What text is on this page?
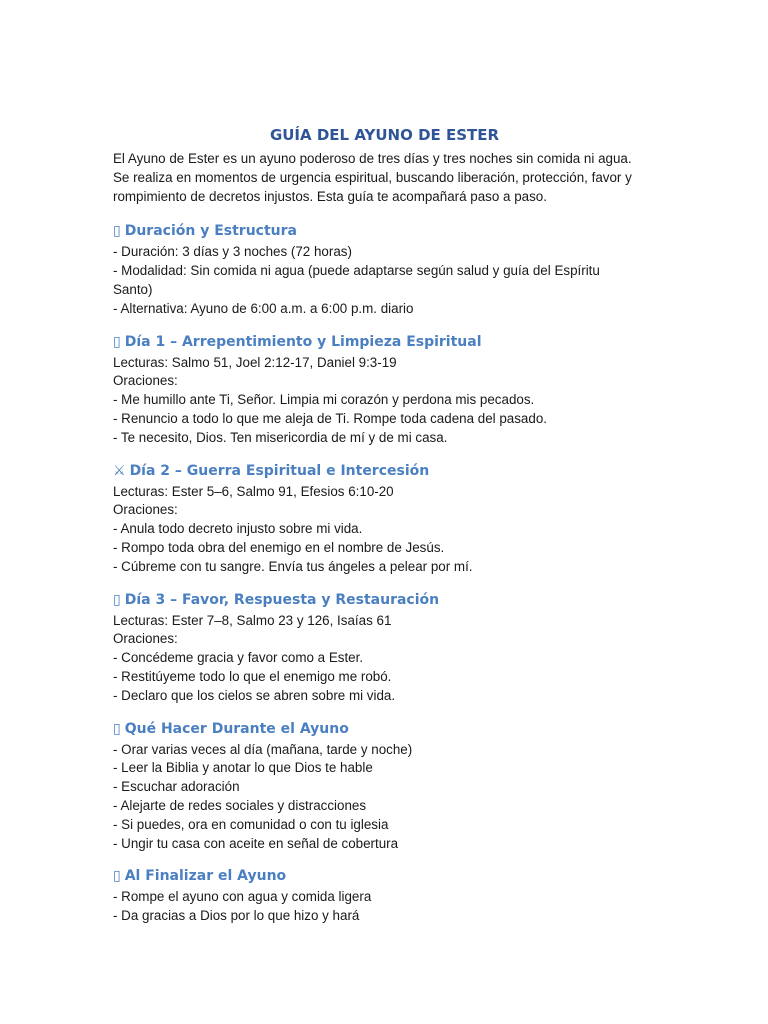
GUÍA DEL AYUNO DE ESTER

El Ayuno de Ester es un ayuno poderoso de tres días y tres noches sin comida ni agua.

Se realiza en momentos de urgencia espiritual, buscando liberación, protección, favor y

rompimiento de decretos injustos. Esta guía te acompañará paso a paso.

▯ Duración y Estructura

- Duración: 3 días y 3 noches (72 horas)

- Modalidad: Sin comida ni agua (puede adaptarse según salud y guía del Espíritu

Santo)

- Alternativa: Ayuno de 6:00 a.m. a 6:00 p.m. diario

▯ Día 1 – Arrepentimiento y Limpieza Espiritual

Lecturas: Salmo 51, Joel 2:12-17, Daniel 9:3-19

Oraciones:

- Me humillo ante Ti, Señor. Limpia mi corazón y perdona mis pecados.

- Renuncio a todo lo que me aleja de Ti. Rompe toda cadena del pasado.

- Te necesito, Dios. Ten misericordia de mí y de mi casa.

⚔ Día 2 – Guerra Espiritual e Intercesión

Lecturas: Ester 5–6, Salmo 91, Efesios 6:10-20

Oraciones:

- Anula todo decreto injusto sobre mi vida.

- Rompo toda obra del enemigo en el nombre de Jesús.

- Cúbreme con tu sangre. Envía tus ángeles a pelear por mí.

▯ Día 3 – Favor, Respuesta y Restauración

Lecturas: Ester 7–8, Salmo 23 y 126, Isaías 61

Oraciones:

- Concédeme gracia y favor como a Ester.

- Restitúyeme todo lo que el enemigo me robó.

- Declaro que los cielos se abren sobre mi vida.

▯ Qué Hacer Durante el Ayuno

- Orar varias veces al día (mañana, tarde y noche)

- Leer la Biblia y anotar lo que Dios te hable

- Escuchar adoración

- Alejarte de redes sociales y distracciones

- Si puedes, ora en comunidad o con tu iglesia

- Ungir tu casa con aceite en señal de cobertura

▯ Al Finalizar el Ayuno

- Rompe el ayuno con agua y comida ligera

- Da gracias a Dios por lo que hizo y hará
